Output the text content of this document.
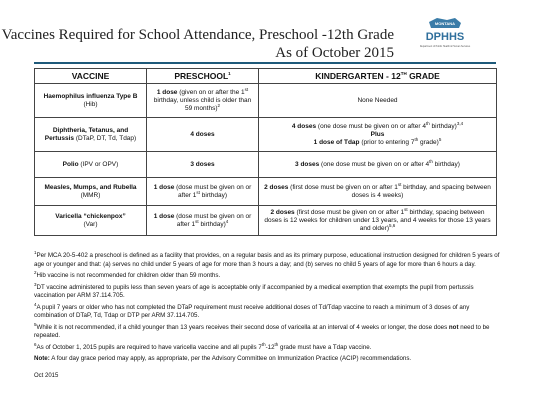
Vaccines Required for School Attendance, Preschool -12th Grade
As of October 2015
MONTANA
DPHHS
Department of Public Health & Human Services
VACCINE	PRESCHOOL$^1$	KINDERGARTEN - 12TH GRADE
Haemophilus influenza Type B
(Hib)	1 dose (given on or after the 1st birthday, unless child is older than 59 months)$^2$	None Needed
Diphtheria, Tetanus, and Pertussis (DTaP, DT, Td, Tdap)	4 doses	4 doses (one dose must be given on or after 4th birthday)$^{3,4}$
Plus
1 dose of Tdap (prior to entering 7th grade)$^5$
Polio (IPV or OPV)	3 doses	3 doses (one dose must be given on or after 4th birthday)
Measles, Mumps, and Rubella
(MMR)	1 dose (dose must be given on or after 1st birthday)	2 doses (first dose must be given on or after 1st birthday, and spacing between doses is 4 weeks)
Varicella “chickenpox”
(Var)	1 dose (dose must be given on or after 1st birthday)$^4$	2 doses (first dose must be given on or after 1st birthday, spacing between doses is 12 weeks for children under 13 years, and 4 weeks for those 13 years and older)$^{5,6}$

$^1$Per MCA 20-5-402 a preschool is defined as a facility that provides, on a regular basis and as its primary purpose, educational instruction designed for children 5 years of age or younger and that: (a) serves no child under 5 years of age for more than 3 hours a day; and (b) serves no child 5 years of age for more than 6 hours a day.

$^2$Hib vaccine is not recommended for children older than 59 months.

$^3$DT vaccine administered to pupils less than seven years of age is acceptable only if accompanied by a medical exemption that exempts the pupil from pertussis vaccination per ARM 37.114.705.

$^4$A pupil 7 years or older who has not completed the DTaP requirement must receive additional doses of Td/Tdap vaccine to reach a minimum of 3 doses of any combination of DTaP, Td, Tdap or DTP per ARM 37.114.705.

$^5$While it is not recommended, if a child younger than 13 years receives their second dose of varicella at an interval of 4 weeks or longer, the dose does not need to be repeated.

$^6$As of October 1, 2015 pupils are required to have varicella vaccine and all pupils 7th-12th grade must have a Tdap vaccine.

Note: A four day grace period may apply, as appropriate, per the Advisory Committee on Immunization Practice (ACIP) recommendations.

Oct 2015
